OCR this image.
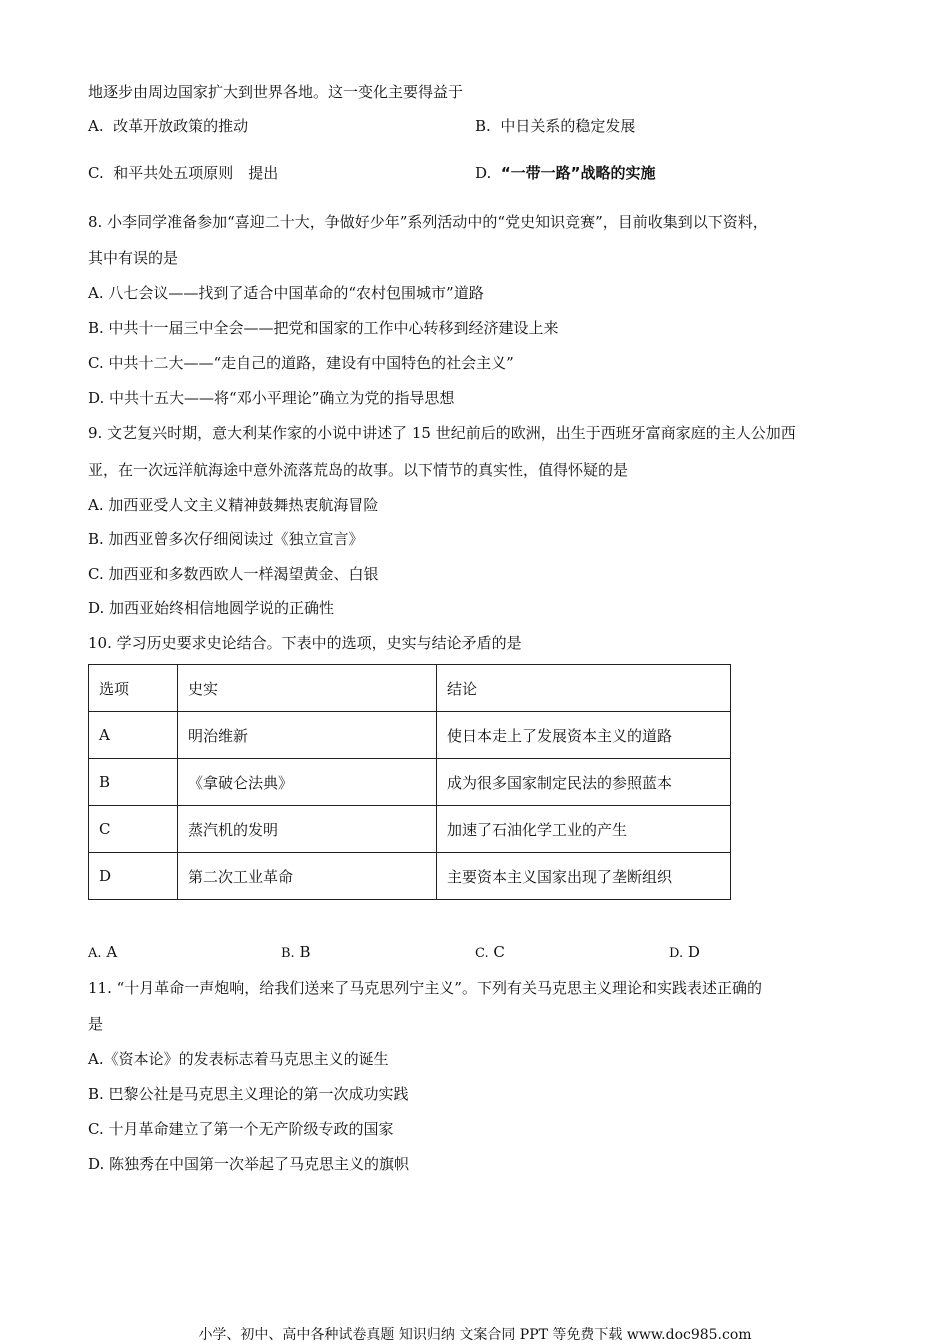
地逐步由周边国家扩大到世界各地。这一变化主要得益于
A. 改革开放政策的推动	B. 中日关系的稳定发展
C. 和平共处五项原则　提出	D. “一带一路”战略的实施
8. 小李同学准备参加“喜迎二十大，争做好少年”系列活动中的“党史知识竞赛”，目前收集到以下资料，
其中有误的是
A. 八七会议——找到了适合中国革命的“农村包围城市”道路
B. 中共十一届三中全会——把党和国家的工作中心转移到经济建设上来
C. 中共十二大——“走自己的道路，建设有中国特色的社会主义”
D. 中共十五大——将“邓小平理论”确立为党的指导思想
9. 文艺复兴时期，意大利某作家的小说中讲述了 15 世纪前后的欧洲，出生于西班牙富商家庭的主人公加西
亚，在一次远洋航海途中意外流落荒岛的故事。以下情节的真实性，值得怀疑的是
A. 加西亚受人文主义精神鼓舞热衷航海冒险
B. 加西亚曾多次仔细阅读过《独立宣言》
C. 加西亚和多数西欧人一样渴望黄金、白银
D. 加西亚始终相信地圆学说的正确性
10. 学习历史要求史论结合。下表中的选项，史实与结论矛盾的是
选项	史实	结论
A	明治维新	使日本走上了发展资本主义的道路
B	《拿破仑法典》	成为很多国家制定民法的参照蓝本
C	蒸汽机的发明	加速了石油化学工业的产生
D	第二次工业革命	主要资本主义国家出现了垄断组织
A. A	B. B	C. C	D. D
11. “十月革命一声炮响，给我们送来了马克思列宁主义”。下列有关马克思主义理论和实践表述正确的
是
A.《资本论》的发表标志着马克思主义的诞生
B. 巴黎公社是马克思主义理论的第一次成功实践
C. 十月革命建立了第一个无产阶级专政的国家
D. 陈独秀在中国第一次举起了马克思主义的旗帜
小学、初中、高中各种试卷真题 知识归纳 文案合同 PPT 等免费下载 www.doc985.com
